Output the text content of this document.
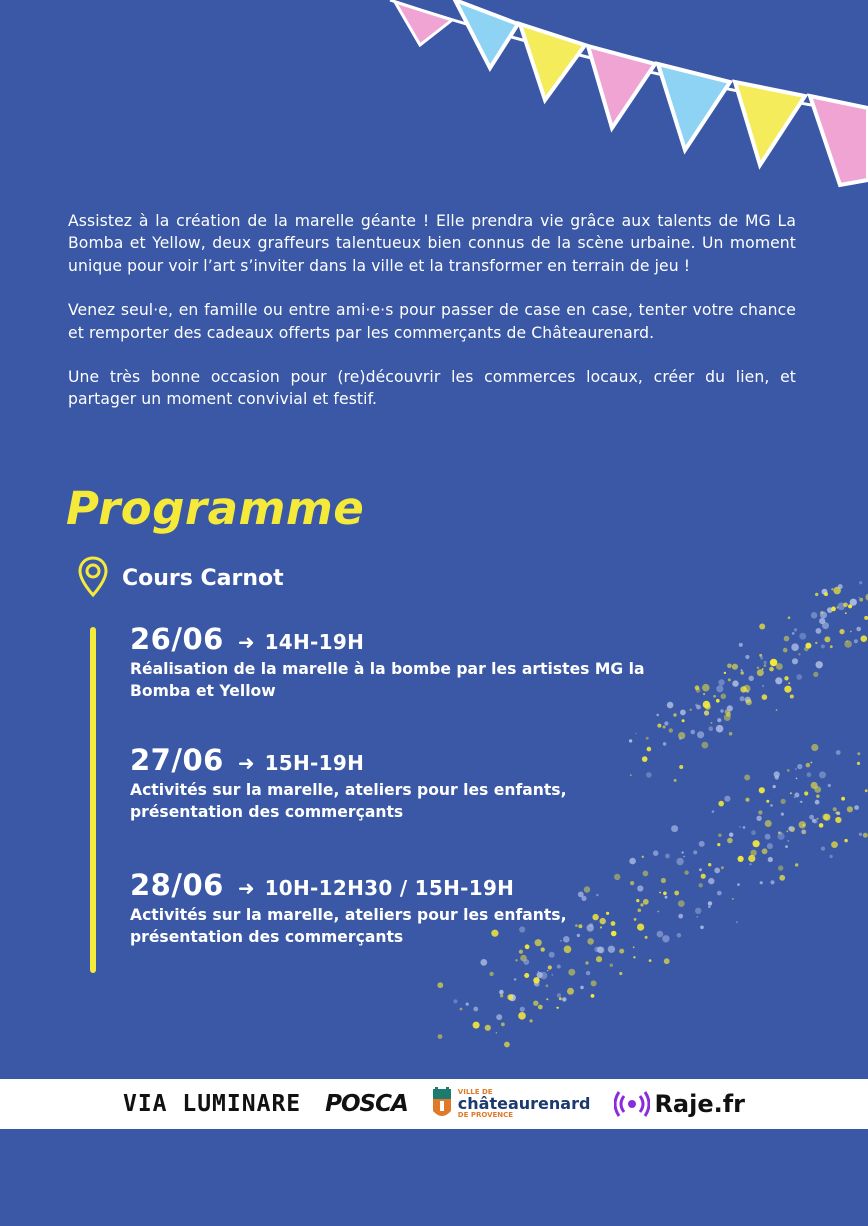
Assistez à la création de la marelle géante ! Elle prendra vie grâce aux talents de MG La Bomba et Yellow, deux graffeurs talentueux bien connus de la scène urbaine. Un moment unique pour voir l’art s’inviter dans la ville et la transformer en terrain de jeu !

Venez seul·e, en famille ou entre ami·e·s pour passer de case en case, tenter votre chance et remporter des cadeaux offerts par les commerçants de Châteaurenard.

Une très bonne occasion pour (re)découvrir les commerces locaux, créer du lien, et partager un moment convivial et festif.

Programme
Cours Carnot
26/06 ➜ 14H-19H
Réalisation de la marelle à la bombe par les artistes MG la Bomba et Yellow
27/06 ➜ 15H-19H
Activités sur la marelle, ateliers pour les enfants, présentation des commerçants
28/06 ➜ 10H-12H30 / 15H-19H
Activités sur la marelle, ateliers pour les enfants, présentation des commerçants
VIA LUMINARE POSCA	VILLE DE
châteaurenard
DE PROVENCE	Raje.fr
